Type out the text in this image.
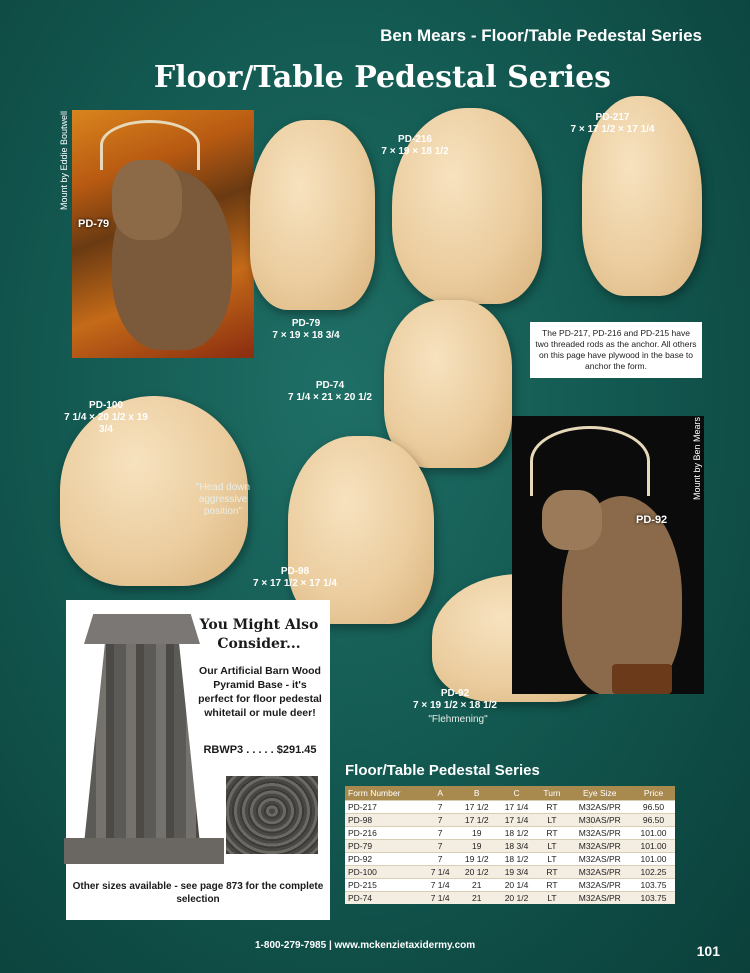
Ben Mears - Floor/Table Pedestal Series
Floor/Table Pedestal Series
PD-79
Mount by Eddie Boutwell	PD-216
7 × 19 × 18 1/2
PD-217
7 × 17 1/2 × 17 1/4
PD-79
7 × 19 × 18 3/4
PD-74
7 1/4 × 21 × 20 1/2
PD-100
7 1/4 × 20 1/2 x 19 3/4
PD-98
7 × 17 1/2 × 17 1/4
PD-92
7 × 19 1/2 × 18 1/2
"Flehmening"
"Head down aggressive position"
The PD-217, PD-216 and PD-215 have two threaded rods as the anchor. All others on this page have plywood in the base to anchor the form.
PD-92
Mount by Ben Mears
You Might Also Consider...
Our Artificial Barn Wood Pyramid Base - it's perfect for floor pedestal whitetail or mule deer!
RBWP3 . . . . . $291.45
Other sizes available - see page 873 for the complete selection
Floor/Table Pedestal Series
Form Number	A	B	C	Turn	Eye Size	Price
PD-217	7	17 1/2	17 1/4	RT	M32AS/PR	96.50
PD-98	7	17 1/2	17 1/4	LT	M30AS/PR	96.50
PD-216	7	19	18 1/2	RT	M32AS/PR	101.00
PD-79	7	19	18 3/4	LT	M32AS/PR	101.00
PD-92	7	19 1/2	18 1/2	LT	M32AS/PR	101.00
PD-100	7 1/4	20 1/2	19 3/4	RT	M32AS/PR	102.25
PD-215	7 1/4	21	20 1/4	RT	M32AS/PR	103.75
PD-74	7 1/4	21	20 1/2	LT	M32AS/PR	103.75
1-800-279-7985 | www.mckenzietaxidermy.com	101
